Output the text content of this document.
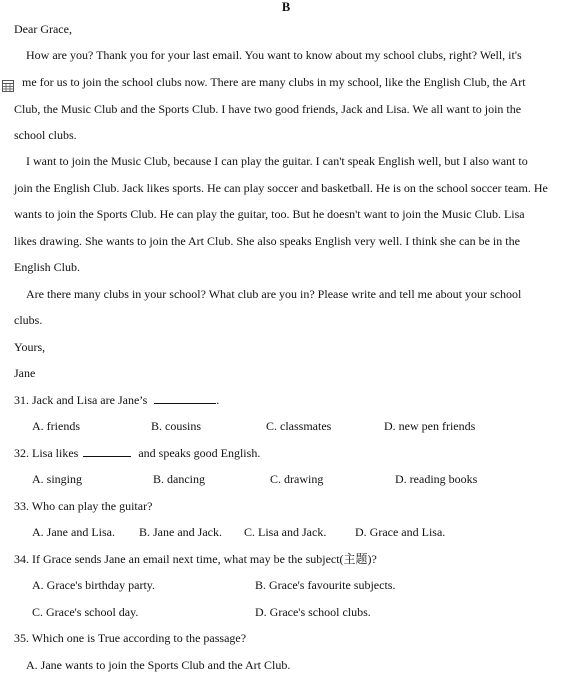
B
Dear Grace,
How are you? Thank you for your last email. You want to know about my school clubs, right? Well, it's
me for us to join the school clubs now. There are many clubs in my school, like the English Club, the Art
Club, the Music Club and the Sports Club. I have two good friends, Jack and Lisa. We all want to join the
school clubs.
I want to join the Music Club, because I can play the guitar. I can't speak English well, but I also want to
join the English Club. Jack likes sports. He can play soccer and basketball. He is on the school soccer team. He
wants to join the Sports Club. He can play the guitar, too. But he doesn't want to join the Music Club. Lisa
likes drawing. She wants to join the Art Club. She also speaks English very well. I think she can be in the
English Club.
Are there many clubs in your school? What club are you in? Please write and tell me about your school
clubs.
Yours,
Jane
31. Jack and Lisa are Jane’s	.
A. friends	B. cousins	C. classmates	D. new pen friends
32. Lisa likes	and speaks good English.
A. singing	B. dancing	C. drawing	D. reading books
33. Who can play the guitar?
A. Jane and Lisa. B. Jane and Jack. C. Lisa and Jack. D. Grace and Lisa.
34. If Grace sends Jane an email next time, what may be the subject(主题)?
A. Grace's birthday party.	B. Grace's favourite subjects.
C. Grace's school day.	D. Grace's school clubs.
35. Which one is True according to the passage?
A. Jane wants to join the Sports Club and the Art Club.
